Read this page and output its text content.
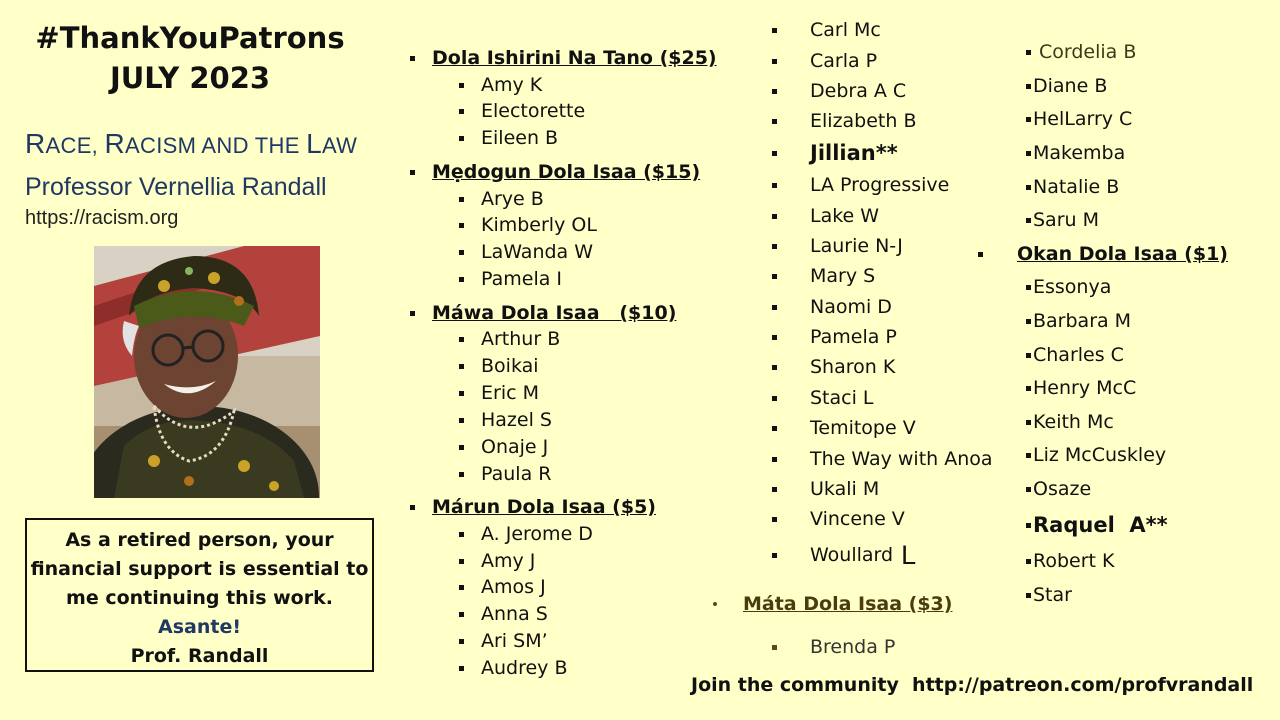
#ThankYouPatrons
JULY 2023
RACE, RACISM AND THE LAW
Professor Vernellia Randall
https://racism.org
As a retired person, your
financial support is essential to
me continuing this work.
Asante!
Prof. Randall
Dola Ishirini Na Tano ($25)
Amy K
Electorette
Eileen B
Mẹdogun Dola Isaa ($15)
Arye B
Kimberly OL
LaWanda W
Pamela I
Máwa Dola Isaa   ($10)
Arthur B
Boikai
Eric M
Hazel S
Onaje J
Paula R
Márun Dola Isaa ($5)
A. Jerome D
Amy J
Amos J
Anna S
Ari SM’
Audrey B
Carl Mc
Carla P
Debra A C
Elizabeth B
Jillian**
LA Progressive
Lake W
Laurie N-J
Mary S
Naomi D
Pamela P
Sharon K
Staci L
Temitope V
The Way with Anoa
Ukali M
Vincene V
Woullard L
Máta Dola Isaa ($3)
Brenda P
Cordelia B
Diane B
HelLarry C
Makemba
Natalie B
Saru M
Okan Dola Isaa ($1)
Essonya
Barbara M
Charles C
Henry McC
Keith Mc
Liz McCuskley
Osaze
Raquel  A**
Robert K
Star
Join the community  http://patreon.com/profvrandall
